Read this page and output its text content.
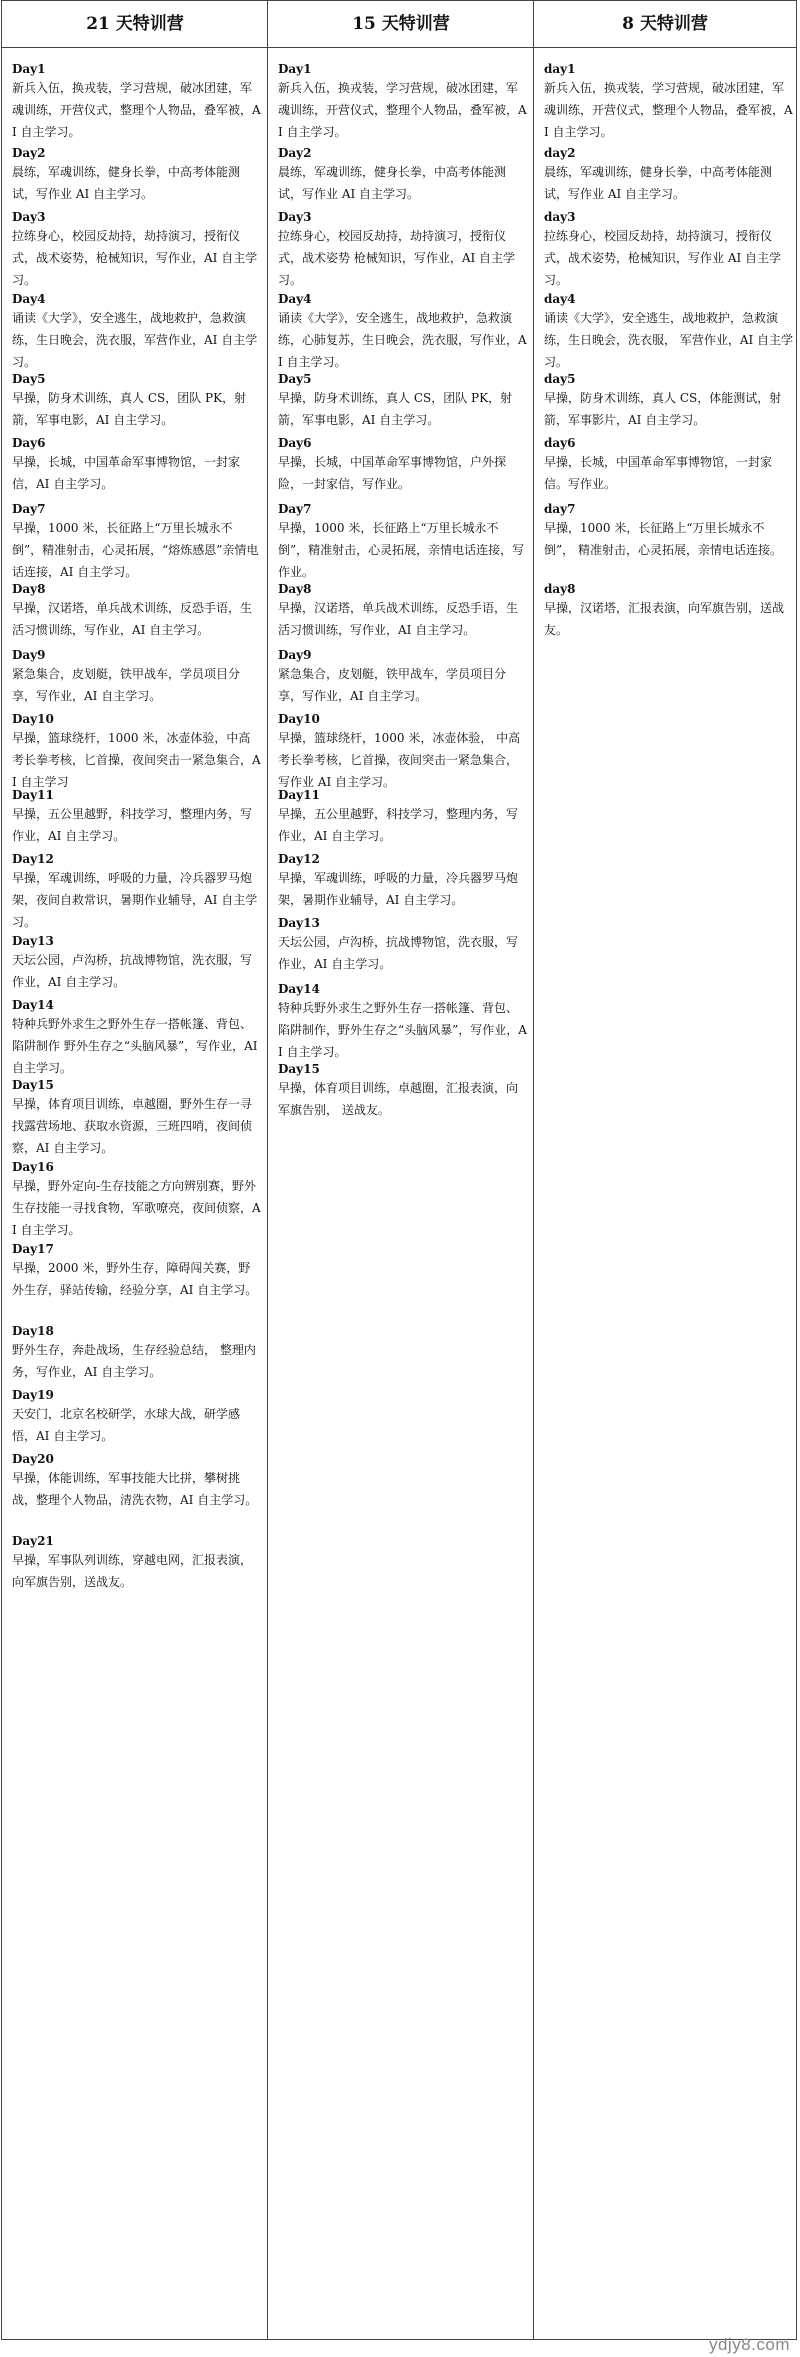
21 天特训营	15 天特训营	8 天特训营

Day1

新兵入伍，换戎装，学习营规，破冰团建，军魂训练，开营仪式，整理个人物品，叠军被，AI 自主学习。

Day2

晨练，军魂训练，健身长拳，中高考体能测试，写作业 AI 自主学习。

Day3

拉练身心，校园反劫持，劫持演习，授衔仪式，战术姿势，枪械知识，写作业，AI 自主学习。

Day4

诵读《大学》，安全逃生，战地救护，急救演练，生日晚会，洗衣服，军营作业，AI 自主学习。

Day5

早操，防身术训练，真人 CS，团队 PK，射箭，军事电影，AI 自主学习。

Day6

早操，长城，中国革命军事博物馆，一封家信，AI 自主学习。

Day7

早操，1000 米，长征路上“万里长城永不倒”，精准射击，心灵拓展，“熔炼感恩”亲情电话连接，AI 自主学习。

Day8

早操，汉诺塔，单兵战术训练，反恐手语，生活习惯训练，写作业，AI 自主学习。

Day9

紧急集合，皮划艇，铁甲战车，学员项目分享，写作业，AI 自主学习。

Day10

早操，篮球绕杆，1000 米，冰壶体验，中高考长拳考核，匕首操，夜间突击一紧急集合，AI 自主学习

Day11

早操，五公里越野，科技学习，整理内务，写作业，AI 自主学习。

Day12

早操，军魂训练，呼吸的力量，冷兵器罗马炮架，夜间自救常识，暑期作业辅导，AI 自主学习。

Day13

天坛公园，卢沟桥，抗战博物馆，洗衣服，写作业，AI 自主学习。

Day14

特种兵野外求生之野外生存一搭帐篷、背包、陷阱制作 野外生存之“头脑风暴”，写作业，AI 自主学习。

Day15

早操，体育项目训练，卓越圈，野外生存一寻找露营场地、获取水资源，三班四哨，夜间侦察，AI 自主学习。

Day16

早操，野外定向-生存技能之方向辨别赛，野外生存技能一寻找食物，军歌嘹亮，夜间侦察，AI 自主学习。

Day17

早操，2000 米，野外生存，障碍闯关赛，野外生存，驿站传输，经验分享，AI 自主学习。

Day18

野外生存，奔赴战场，生存经验总结， 整理内务，写作业，AI 自主学习。

Day19

天安门，北京名校研学，水球大战，研学感悟，AI 自主学习。

Day20

早操，体能训练，军事技能大比拼，攀树挑战，整理个人物品，清洗衣物，AI 自主学习。

Day21

早操，军事队列训练，穿越电网，汇报表演，向军旗告别，送战友。

Day1

新兵入伍，换戎装，学习营规，破冰团建，军魂训练，开营仪式，整理个人物品，叠军被，AI 自主学习。

Day2

晨练，军魂训练，健身长拳，中高考体能测试，写作业 AI 自主学习。

Day3

拉练身心，校园反劫持，劫持演习，授衔仪式，战术姿势 枪械知识，写作业，AI 自主学习。

Day4

诵读《大学》，安全逃生，战地救护，急救演练，心肺复苏，生日晚会，洗衣服，写作业，AI 自主学习。

Day5

早操，防身术训练，真人 CS，团队 PK，射箭，军事电影，AI 自主学习。

Day6

早操，长城，中国革命军事博物馆，户外探险，一封家信，写作业。

Day7

早操，1000 米，长征路上“万里长城永不倒”，精准射击，心灵拓展，亲情电话连接，写作业。

Day8

早操，汉诺塔，单兵战术训练，反恐手语，生活习惯训练，写作业，AI 自主学习。

Day9

紧急集合，皮划艇，铁甲战车，学员项目分享，写作业，AI 自主学习。

Day10

早操，篮球绕杆，1000 米，冰壶体验， 中高考长拳考核，匕首操，夜间突击一紧急集合，写作业 AI 自主学习。

Day11

早操，五公里越野，科技学习，整理内务，写作业，AI 自主学习。

Day12

早操，军魂训练，呼吸的力量，冷兵器罗马炮架，暑期作业辅导，AI 自主学习。

Day13

天坛公园，卢沟桥，抗战博物馆，洗衣服，写作业，AI 自主学习。

Day14

特种兵野外求生之野外生存一搭帐篷、背包、陷阱制作，野外生存之“头脑风暴”，写作业，AI 自主学习。

Day15

早操，体育项目训练，卓越圈，汇报表演，向军旗告别， 送战友。

day1

新兵入伍，换戎装，学习营规，破冰团建，军魂训练，开营仪式，整理个人物品，叠军被，AI 自主学习。

day2

晨练，军魂训练，健身长拳，中高考体能测试，写作业 AI 自主学习。

day3

拉练身心，校园反劫持，劫持演习，授衔仪式，战术姿势，枪械知识，写作业 AI 自主学习。

day4

诵读《大学》，安全逃生，战地救护，急救演练，生日晚会，洗衣服， 军营作业，AI 自主学习。

day5

早操，防身术训练，真人 CS，体能测试，射箭，军事影片，AI 自主学习。

day6

早操，长城，中国革命军事博物馆，一封家信。写作业。

day7

早操，1000 米，长征路上“万里长城永不倒”， 精准射击，心灵拓展，亲情电话连接。

day8

早操，汉诺塔，汇报表演，向军旗告别，送战友。

ydjy8.com
